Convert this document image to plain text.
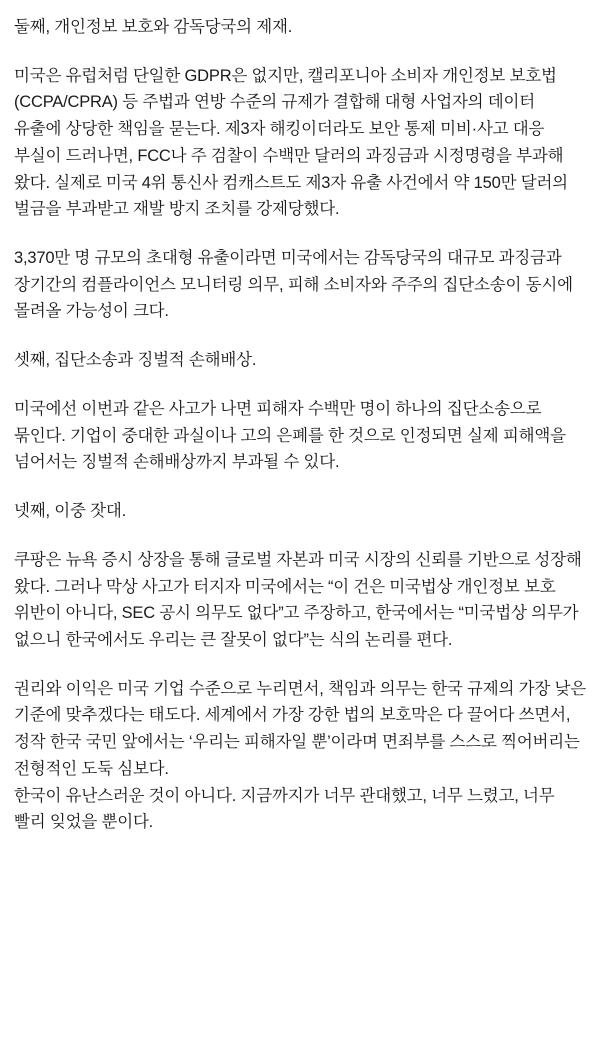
둘째, 개인정보 보호와 감독당국의 제재.

미국은 유럽처럼 단일한 GDPR은 없지만, 캘리포니아 소비자 개인정보 보호법(CCPA/CPRA) 등 주법과 연방 수준의 규제가 결합해 대형 사업자의 데이터 유출에 상당한 책임을 묻는다. 제3자 해킹이더라도 보안 통제 미비·사고 대응 부실이 드러나면, FCC나 주 검찰이 수백만 달러의 과징금과 시정명령을 부과해 왔다. 실제로 미국 4위 통신사 컴캐스트도 제3자 유출 사건에서 약 150만 달러의 벌금을 부과받고 재발 방지 조치를 강제당했다.

3,370만 명 규모의 초대형 유출이라면 미국에서는 감독당국의 대규모 과징금과 장기간의 컴플라이언스 모니터링 의무, 피해 소비자와 주주의 집단소송이 동시에 몰려올 가능성이 크다.

셋째, 집단소송과 징벌적 손해배상.

미국에선 이번과 같은 사고가 나면 피해자 수백만 명이 하나의 집단소송으로 묶인다. 기업이 중대한 과실이나 고의 은폐를 한 것으로 인정되면 실제 피해액을 넘어서는 징벌적 손해배상까지 부과될 수 있다.

넷째, 이중 잣대.

쿠팡은 뉴욕 증시 상장을 통해 글로벌 자본과 미국 시장의 신뢰를 기반으로 성장해 왔다. 그러나 막상 사고가 터지자 미국에서는 “이 건은 미국법상 개인정보 보호 위반이 아니다, SEC 공시 의무도 없다”고 주장하고, 한국에서는 “미국법상 의무가 없으니 한국에서도 우리는 큰 잘못이 없다”는 식의 논리를 편다.

권리와 이익은 미국 기업 수준으로 누리면서, 책임과 의무는 한국 규제의 가장 낮은 기준에 맞추겠다는 태도다. 세계에서 가장 강한 법의 보호막은 다 끌어다 쓰면서, 정작 한국 국민 앞에서는 ‘우리는 피해자일 뿐’이라며 면죄부를 스스로 찍어버리는 전형적인 도둑 심보다.

한국이 유난스러운 것이 아니다. 지금까지가 너무 관대했고, 너무 느렸고, 너무 빨리 잊었을 뿐이다.
